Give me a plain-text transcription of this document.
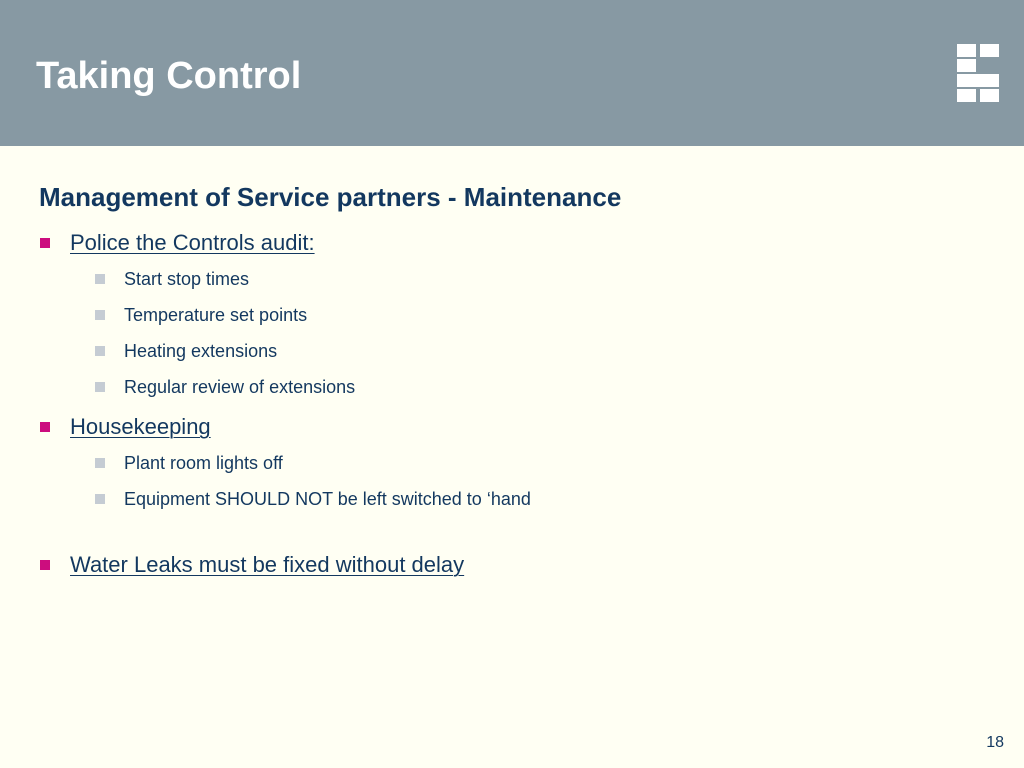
Taking Control
Management of Service partners - Maintenance
Police the Controls audit:
Start stop times
Temperature set points
Heating extensions
Regular review of extensions
Housekeeping
Plant room lights off
Equipment SHOULD NOT be left switched to ‘hand
Water Leaks must be fixed without delay
18
